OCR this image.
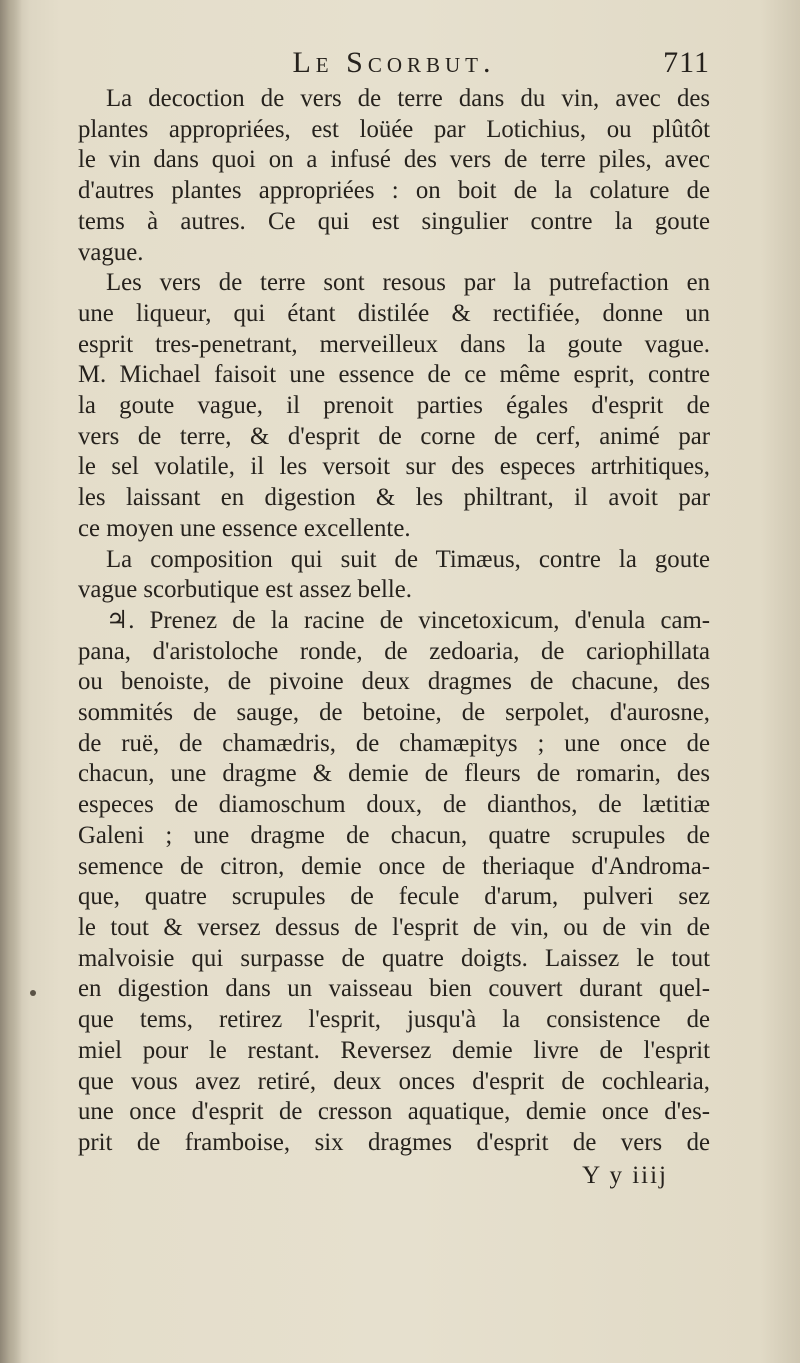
Le Scorbut.	711
La decoction de vers de terre dans du vin, avec des
plantes appropriées, est loüée par Lotichius, ou plûtôt
le vin dans quoi on a infusé des vers de terre piles, avec
d'autres plantes appropriées : on boit de la colature de
tems à autres. Ce qui est singulier contre la goute
vague.
Les vers de terre sont resous par la putrefaction en
une liqueur, qui étant distilée & rectifiée, donne un
esprit tres-penetrant, merveilleux dans la goute vague.
M. Michael faisoit une essence de ce même esprit, contre
la goute vague, il prenoit parties égales d'esprit de
vers de terre, & d'esprit de corne de cerf, animé par
le sel volatile, il les versoit sur des especes artrhitiques,
les laissant en digestion & les philtrant, il avoit par
ce moyen une essence excellente.
La composition qui suit de Timæus, contre la goute
vague scorbutique est assez belle.
♃. Prenez de la racine de vincetoxicum, d'enula cam-
pana, d'aristoloche ronde, de zedoaria, de cariophillata
ou benoiste, de pivoine deux dragmes de chacune, des
sommités de sauge, de betoine, de serpolet, d'aurosne,
de ruë, de chamædris, de chamæpitys ; une once de
chacun, une dragme & demie de fleurs de romarin, des
especes de diamoschum doux, de dianthos, de lætitiæ
Galeni ; une dragme de chacun, quatre scrupules de
semence de citron, demie once de theriaque d'Androma-
que, quatre scrupules de fecule d'arum, pulveri sez
le tout & versez dessus de l'esprit de vin, ou de vin de
malvoisie qui surpasse de quatre doigts. Laissez le tout
en digestion dans un vaisseau bien couvert durant quel-
que tems, retirez l'esprit, jusqu'à la consistence de
miel pour le restant. Reversez demie livre de l'esprit
que vous avez retiré, deux onces d'esprit de cochlearia,
une once d'esprit de cresson aquatique, demie once d'es-
prit de framboise, six dragmes d'esprit de vers de
Y y iiij
